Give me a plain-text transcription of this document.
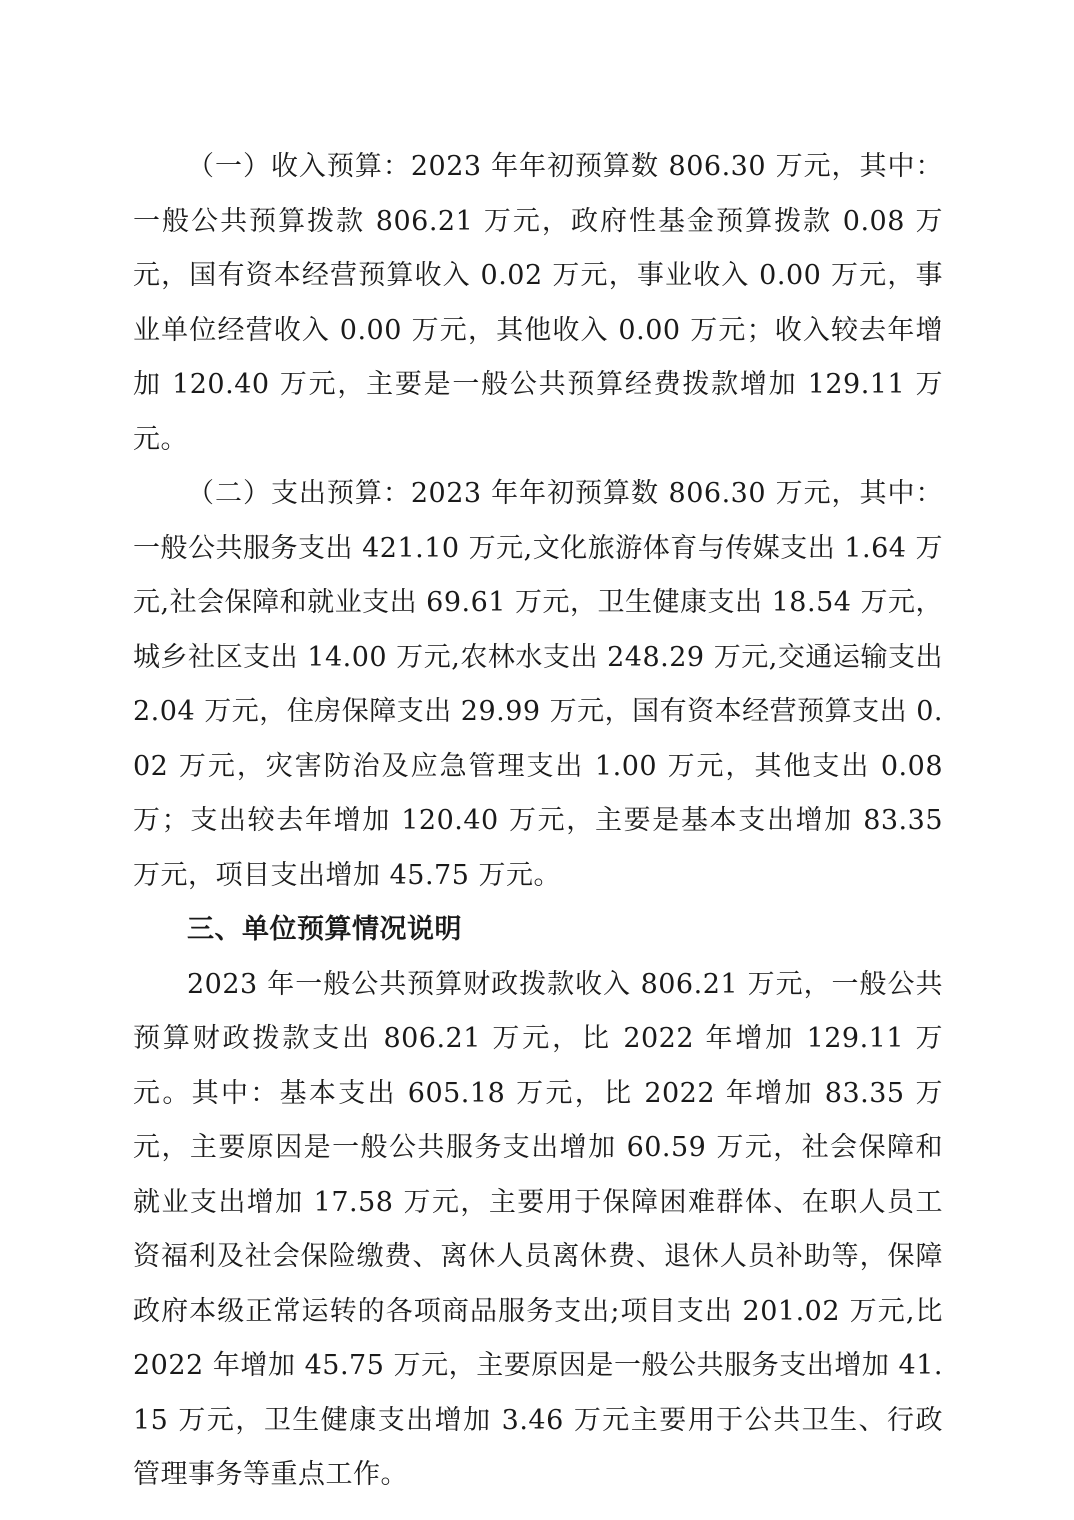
（一）收入预算：2023 年年初预算数 806.30 万元，其中：一般公共预算拨款 806.21 万元，政府性基金预算拨款 0.08 万元，国有资本经营预算收入 0.02 万元，事业收入 0.00 万元，事业单位经营收入 0.00 万元，其他收入 0.00 万元；收入较去年增加 120.40 万元，主要是一般公共预算经费拨款增加 129.11 万元。

（二）支出预算：2023 年年初预算数 806.30 万元，其中：一般公共服务支出 421.10 万元,文化旅游体育与传媒支出 1.64 万元,社会保障和就业支出 69.61 万元，卫生健康支出 18.54 万元，城乡社区支出 14.00 万元,农林水支出 248.29 万元,交通运输支出 2.04 万元，住房保障支出 29.99 万元，国有资本经营预算支出 0.02 万元，灾害防治及应急管理支出 1.00 万元，其他支出 0.08 万；支出较去年增加 120.40 万元，主要是基本支出增加 83.35 万元，项目支出增加 45.75 万元。

三、单位预算情况说明

2023 年一般公共预算财政拨款收入 806.21 万元，一般公共预算财政拨款支出 806.21 万元，比 2022 年增加 129.11 万元。其中：基本支出 605.18 万元，比 2022 年增加 83.35 万元，主要原因是一般公共服务支出增加 60.59 万元，社会保障和就业支出增加 17.58 万元，主要用于保障困难群体、在职人员工资福利及社会保险缴费、离休人员离休费、退休人员补助等，保障政府本级正常运转的各项商品服务支出;项目支出 201.02 万元,比 2022 年增加 45.75 万元，主要原因是一般公共服务支出增加 41.15 万元，卫生健康支出增加 3.46 万元主要用于公共卫生、行政管理事务等重点工作。
